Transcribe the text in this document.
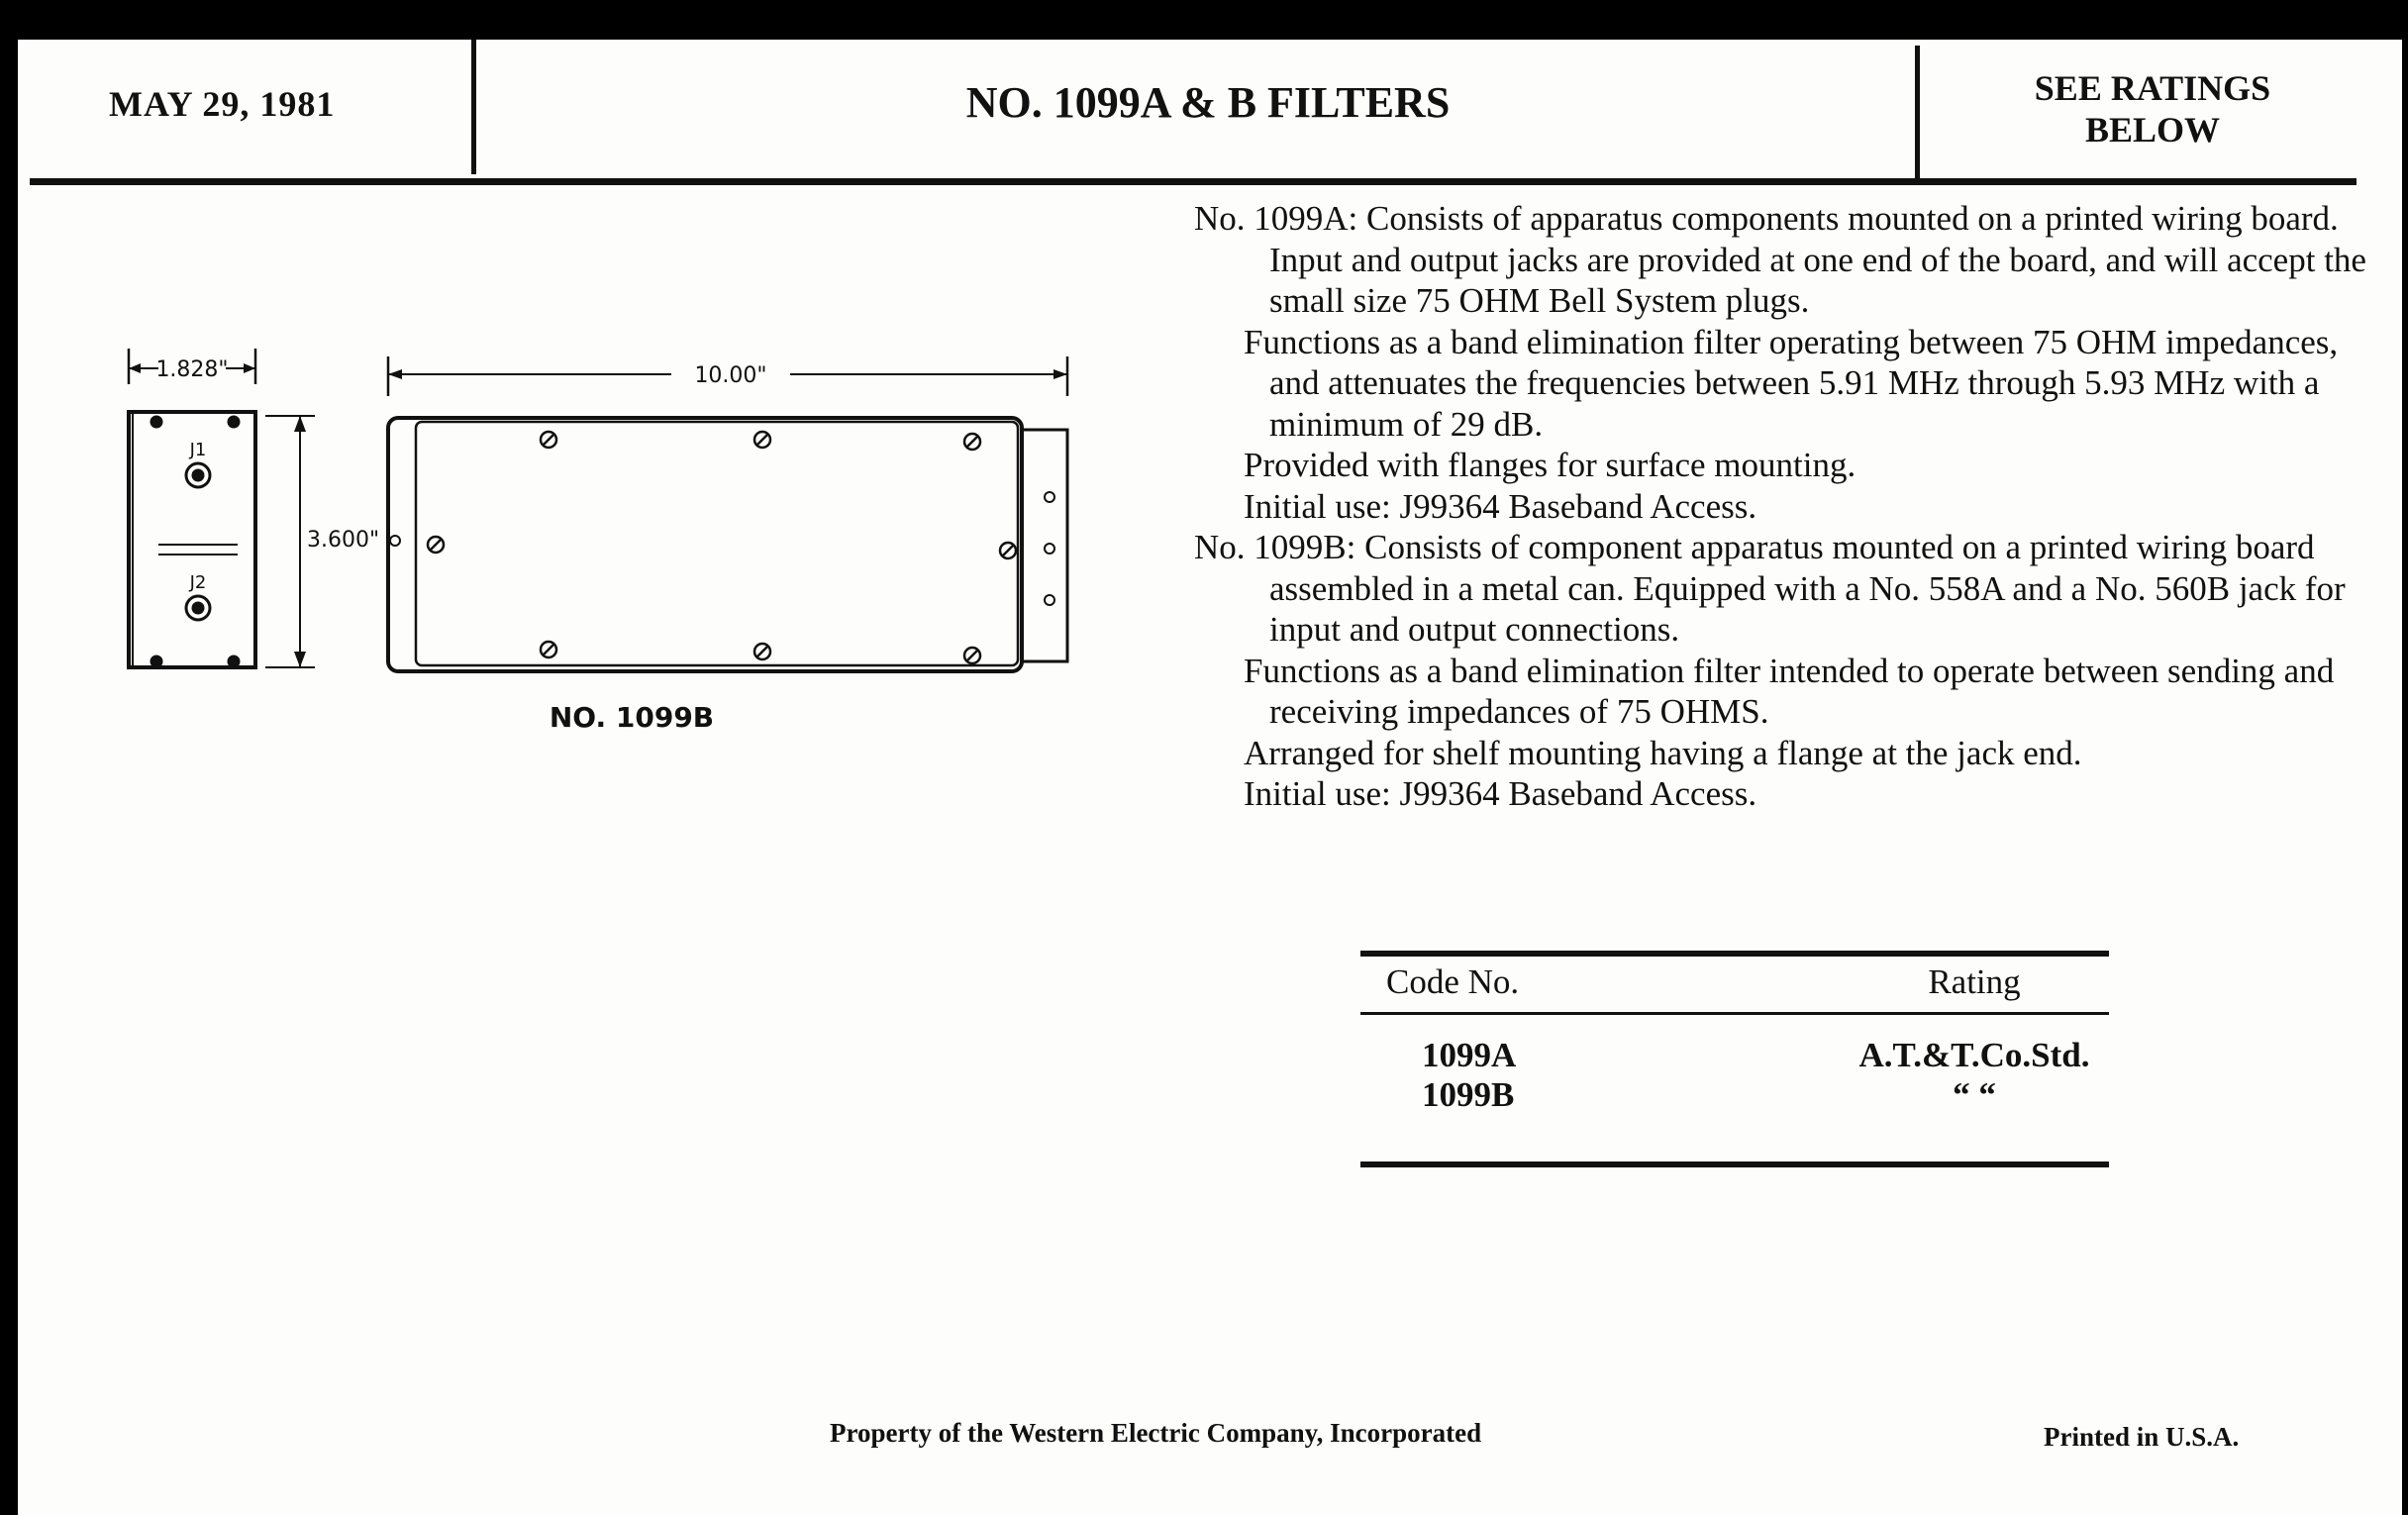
MAY 29, 1981	NO. 1099A & B FILTERS	SEE RATINGS
BELOW
1.828"
J1
J2
3.600"
10.00"
NO. 1099B

No. 1099A: Consists of apparatus components mounted on a printed wiring board. Input and output jacks are provided at one end of the board, and will accept the small size 75 OHM Bell System plugs.

Functions as a band elimination filter operating between 75 OHM impedances, and attenuates the frequencies between 5.91 MHz through 5.93 MHz with a minimum of 29 dB.

Provided with flanges for surface mounting.

Initial use: J99364 Baseband Access.

No. 1099B: Consists of component apparatus mounted on a printed wiring board assembled in a metal can. Equipped with a No. 558A and a No. 560B jack for input and output connections.

Functions as a band elimination filter intended to operate between sending and receiving impedances of 75 OHMS.

Arranged for shelf mounting having a flange at the jack end.

Initial use: J99364 Baseband Access.

Code No.	Rating
1099A	A.T.&T.Co.Std.
1099B	“ “
Property of the Western Electric Company, Incorporated	Printed in U.S.A.
